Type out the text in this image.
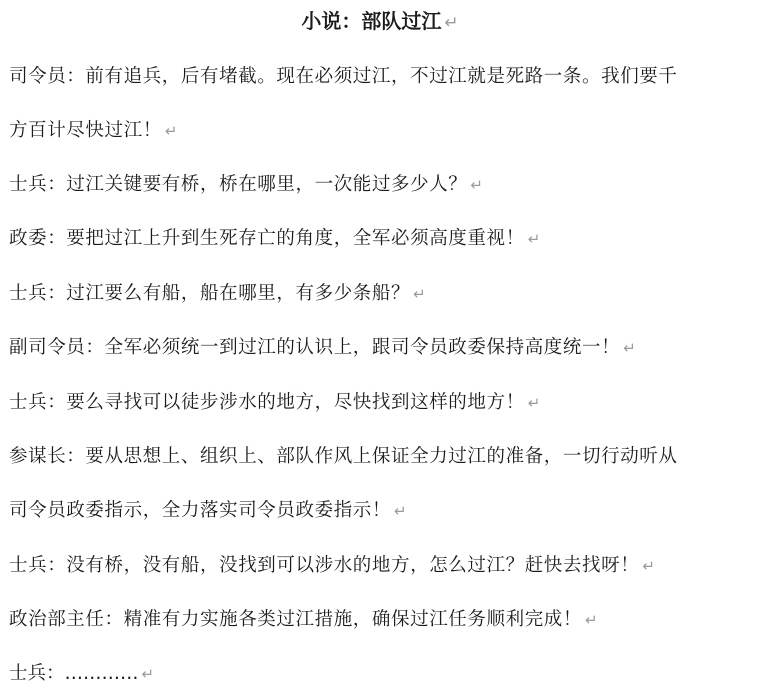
小说：部队过江 ↵
司令员：前有追兵，后有堵截。现在必须过江，不过江就是死路一条。我们要千
方百计尽快过江！ ↵
士兵：过江关键要有桥，桥在哪里，一次能过多少人？ ↵
政委：要把过江上升到生死存亡的角度，全军必须高度重视！ ↵
士兵：过江要么有船，船在哪里，有多少条船？ ↵
副司令员：全军必须统一到过江的认识上，跟司令员政委保持高度统一！ ↵
士兵：要么寻找可以徒步涉水的地方，尽快找到这样的地方！ ↵
参谋长：要从思想上、组织上、部队作风上保证全力过江的准备，一切行动听从
司令员政委指示，全力落实司令员政委指示！ ↵
士兵：没有桥，没有船，没找到可以涉水的地方，怎么过江？赶快去找呀！ ↵
政治部主任：精准有力实施各类过江措施，确保过江任务顺利完成！ ↵
士兵：………… ↵
